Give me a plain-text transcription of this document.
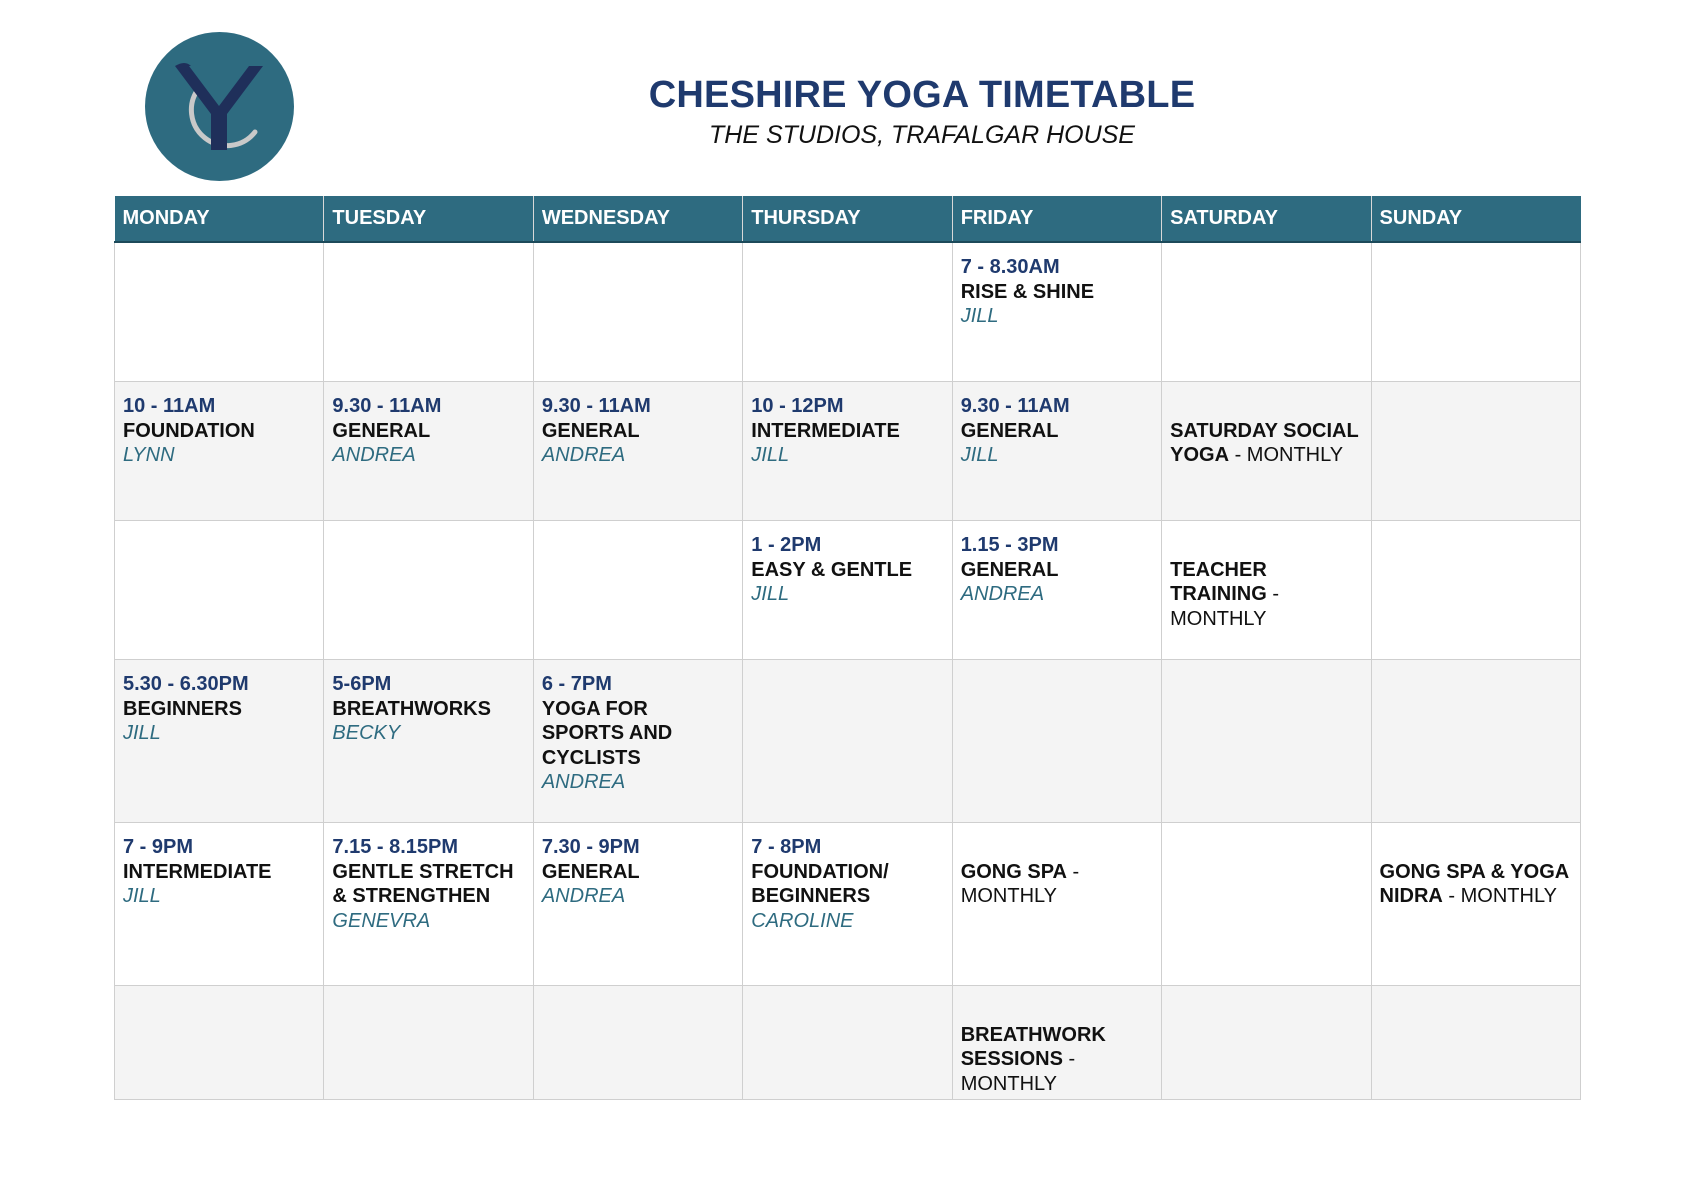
CHESHIRE YOGA TIMETABLE

THE STUDIOS, TRAFALGAR HOUSE

MONDAY	TUESDAY	WEDNESDAY	THURSDAY	FRIDAY	SATURDAY	SUNDAY

				7 - 8.30AM
RISE & SHINE
JILL		

10 - 11AM
FOUNDATION
LYNN	9.30 - 11AM
GENERAL
ANDREA	9.30 - 11AM
GENERAL
ANDREA	10 - 12PM
INTERMEDIATE
JILL	9.30 - 11AM
GENERAL
JILL	SATURDAY SOCIAL YOGA - MONTHLY	

			1 - 2PM
EASY & GENTLE
JILL	1.15 - 3PM
GENERAL
ANDREA	TEACHER TRAINING - MONTHLY	

5.30 - 6.30PM
BEGINNERS
JILL	5-6PM
BREATHWORKS
BECKY	6 - 7PM
YOGA FOR SPORTS AND CYCLISTS
ANDREA				

7 - 9PM
INTERMEDIATE
JILL	7.15 - 8.15PM
GENTLE STRETCH & STRENGTHEN
GENEVRA	7.30 - 9PM
GENERAL
ANDREA	7 - 8PM
FOUNDATION/ BEGINNERS
CAROLINE	GONG SPA - MONTHLY		GONG SPA & YOGA NIDRA - MONTHLY

				BREATHWORK SESSIONS - MONTHLY		
